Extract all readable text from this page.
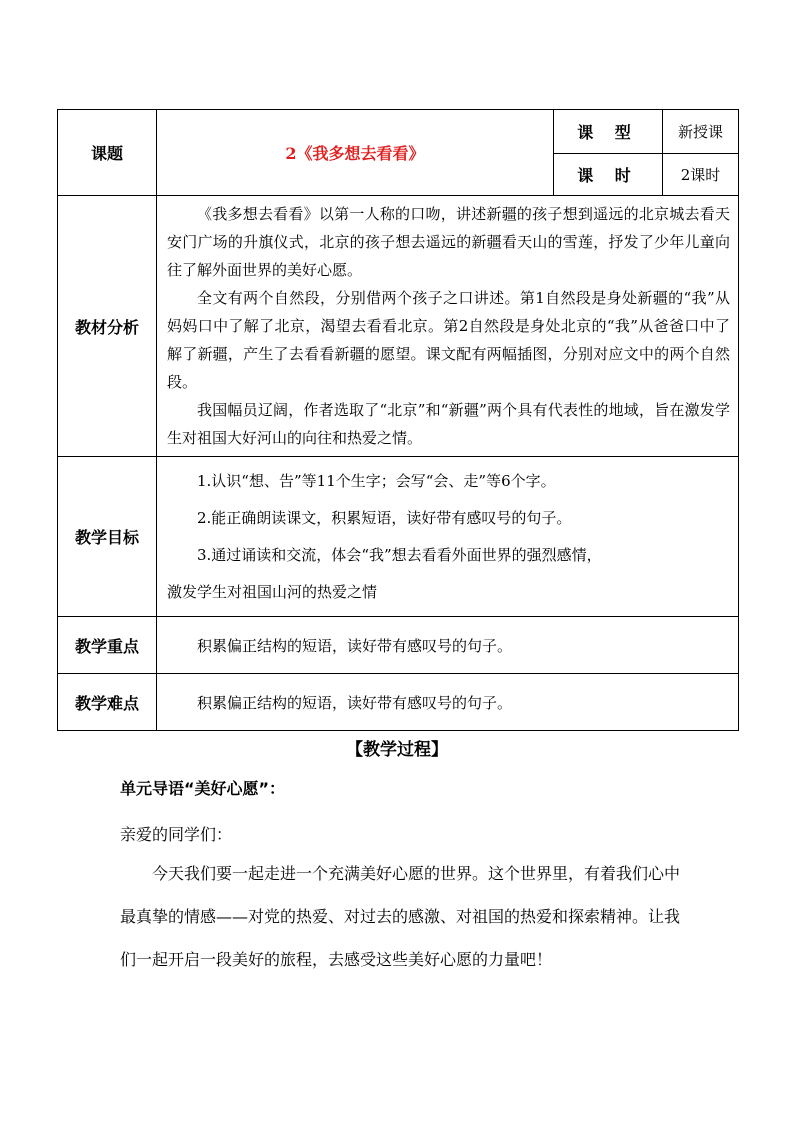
课题	2《我多想去看看》	课 型	新授课
		课 时	2课时
教材分析	《我多想去看看》以第一人称的口吻，讲述新疆的孩子想到遥远的北京城去看天安门广场的升旗仪式，北京的孩子想去遥远的新疆看天山的雪莲，抒发了少年儿童向往了解外面世界的美好心愿。

全文有两个自然段，分别借两个孩子之口讲述。第1自然段是身处新疆的“我”从妈妈口中了解了北京，渴望去看看北京。第2自然段是身处北京的“我”从爸爸口中了解了新疆，产生了去看看新疆的愿望。课文配有两幅插图，分别对应文中的两个自然段。

我国幅员辽阔，作者选取了“北京”和“新疆”两个具有代表性的地域，旨在激发学生对祖国大好河山的向往和热爱之情。		

教学目标	1.认识“想、告”等11个生字；会写“会、走”等6个字。

2.能正确朗读课文，积累短语，读好带有感叹号的句子。

3.通过诵读和交流，体会“我”想去看看外面世界的强烈感情，

激发学生对祖国山河的热爱之情		

教学重点	积累偏正结构的短语，读好带有感叹号的句子。		
教学难点	积累偏正结构的短语，读好带有感叹号的句子。		
【教学过程】
单元导语“美好心愿”：
亲爱的同学们：

今天我们要一起走进一个充满美好心愿的世界。这个世界里，有着我们心中最真挚的情感——对党的热爱、对过去的感激、对祖国的热爱和探索精神。让我们一起开启一段美好的旅程，去感受这些美好心愿的力量吧！
